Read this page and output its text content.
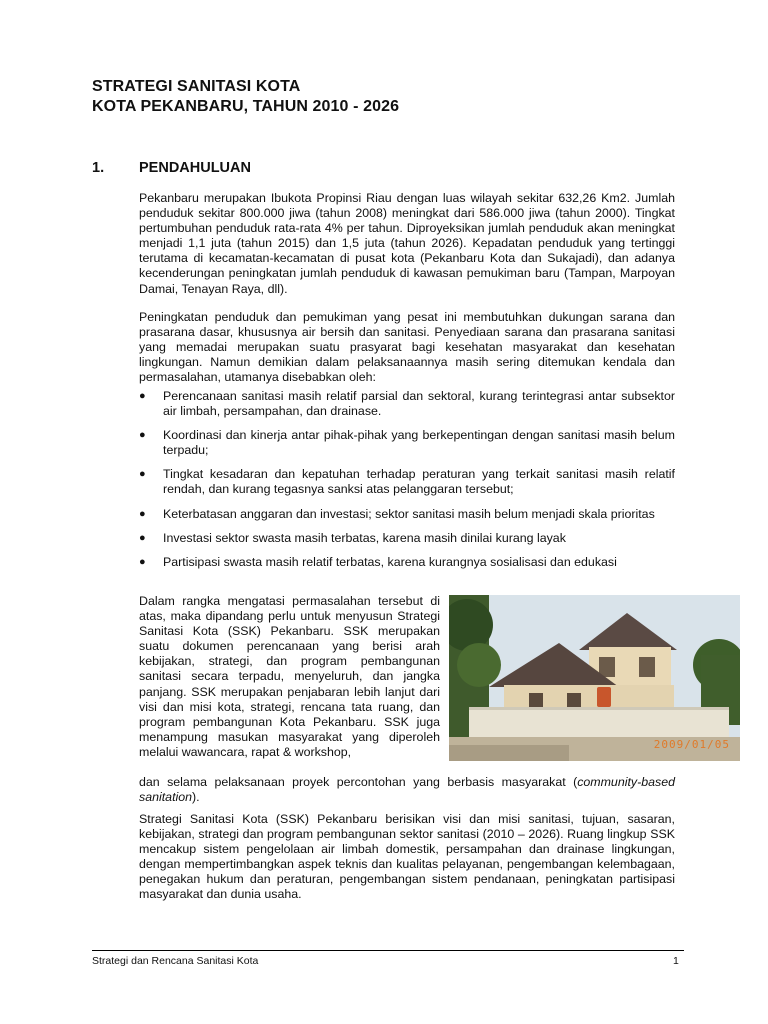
STRATEGI SANITASI KOTA
KOTA PEKANBARU, TAHUN 2010 - 2026
1. PENDAHULUAN

Pekanbaru merupakan Ibukota Propinsi Riau dengan luas wilayah sekitar 632,26 Km2. Jumlah penduduk sekitar 800.000 jiwa (tahun 2008) meningkat dari 586.000 jiwa (tahun 2000). Tingkat pertumbuhan penduduk rata-rata 4% per tahun. Diproyeksikan jumlah penduduk akan meningkat menjadi 1,1 juta (tahun 2015) dan 1,5 juta (tahun 2026). Kepadatan penduduk yang tertinggi terutama di kecamatan-kecamatan di pusat kota (Pekanbaru Kota dan Sukajadi), dan adanya kecenderungan peningkatan jumlah penduduk di kawasan pemukiman baru (Tampan, Marpoyan Damai, Tenayan Raya, dll).

Peningkatan penduduk dan pemukiman yang pesat ini membutuhkan dukungan sarana dan prasarana dasar, khususnya air bersih dan sanitasi. Penyediaan sarana dan prasarana sanitasi yang memadai merupakan suatu prasyarat bagi kesehatan masyarakat dan kesehatan lingkungan. Namun demikian dalam pelaksanaannya masih sering ditemukan kendala dan permasalahan, utamanya disebabkan oleh:

● Perencanaan sanitasi masih relatif parsial dan sektoral, kurang terintegrasi antar subsektor air limbah, persampahan, dan drainase.
● Koordinasi dan kinerja antar pihak-pihak yang berkepentingan dengan sanitasi masih belum terpadu;
● Tingkat kesadaran dan kepatuhan terhadap peraturan yang terkait sanitasi masih relatif rendah, dan kurang tegasnya sanksi atas pelanggaran tersebut;
● Keterbatasan anggaran dan investasi; sektor sanitasi masih belum menjadi skala prioritas
● Investasi sektor swasta masih terbatas, karena masih dinilai kurang layak
● Partisipasi swasta masih relatif terbatas, karena kurangnya sosialisasi dan edukasi

Dalam rangka mengatasi permasalahan tersebut di atas, maka dipandang perlu untuk menyusun Strategi Sanitasi Kota (SSK) Pekanbaru. SSK merupakan suatu dokumen perencanaan yang berisi arah kebijakan, strategi, dan program pembangunan sanitasi secara terpadu, menyeluruh, dan jangka panjang. SSK merupakan penjabaran lebih lanjut dari visi dan misi kota, strategi, rencana tata ruang, dan program pembangunan Kota Pekanbaru. SSK juga menampung masukan masyarakat yang diperoleh melalui wawancara, rapat & workshop,

2009/01/05

dan selama pelaksanaan proyek percontohan yang berbasis masyarakat (community-based sanitation).

Strategi Sanitasi Kota (SSK) Pekanbaru berisikan visi dan misi sanitasi, tujuan, sasaran, kebijakan, strategi dan program pembangunan sektor sanitasi (2010 – 2026). Ruang lingkup SSK mencakup sistem pengelolaan air limbah domestik, persampahan dan drainase lingkungan, dengan mempertimbangkan aspek teknis dan kualitas pelayanan, pengembangan kelembagaan, penegakan hukum dan peraturan, pengembangan sistem pendanaan, peningkatan partisipasi masyarakat dan dunia usaha.

Strategi dan Rencana Sanitasi Kota	1
